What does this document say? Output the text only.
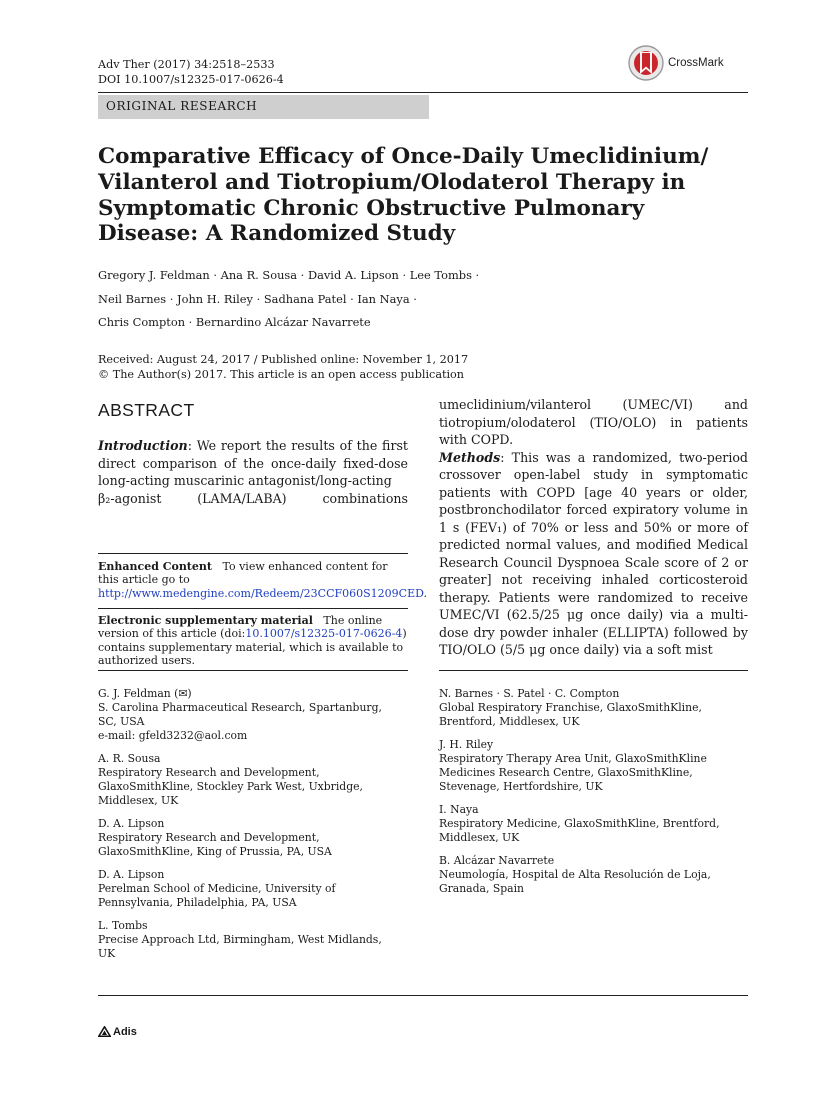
Adv Ther (2017) 34:2518–2533
DOI 10.1007/s12325-017-0626-4
CrossMark
ORIGINAL RESEARCH
Comparative Efficacy of Once-Daily Umeclidinium/ Vilanterol and Tiotropium/Olodaterol Therapy in Symptomatic Chronic Obstructive Pulmonary Disease: A Randomized Study
Gregory J. Feldman · Ana R. Sousa · David A. Lipson · Lee Tombs ·
Neil Barnes · John H. Riley · Sadhana Patel · Ian Naya ·
Chris Compton · Bernardino Alcázar Navarrete
Received: August 24, 2017 / Published online: November 1, 2017
© The Author(s) 2017. This article is an open access publication
ABSTRACT
Introduction: We report the results of the first direct comparison of the once-daily fixed-dose long-acting muscarinic antagonist/long-acting
β₂-agonist (LAMA/LABA) combinations
umeclidinium/vilanterol (UMEC/VI) and tiotropium/olodaterol (TIO/OLO) in patients with COPD.
Methods: This was a randomized, two-period crossover open-label study in symptomatic patients with COPD [age 40 years or older, postbronchodilator forced expiratory volume in 1 s (FEV₁) of 70% or less and 50% or more of predicted normal values, and modified Medical Research Council Dyspnoea Scale score of 2 or greater] not receiving inhaled corticosteroid therapy. Patients were randomized to receive UMEC/VI (62.5/25 μg once daily) via a multi-dose dry powder inhaler (ELLIPTA) followed by TIO/OLO (5/5 μg once daily) via a soft mist
Enhanced Content To view enhanced content for this article go to http://www.medengine.com/Redeem/23CCF060S1209CED.
Electronic supplementary material The online version of this article (doi:10.1007/s12325-017-0626-4) contains supplementary material, which is available to authorized users.
G. J. Feldman (✉)
S. Carolina Pharmaceutical Research, Spartanburg,
SC, USA
e-mail: gfeld3232@aol.com
A. R. Sousa
Respiratory Research and Development,
GlaxoSmithKline, Stockley Park West, Uxbridge,
Middlesex, UK
D. A. Lipson
Respiratory Research and Development,
GlaxoSmithKline, King of Prussia, PA, USA
D. A. Lipson
Perelman School of Medicine, University of
Pennsylvania, Philadelphia, PA, USA
L. Tombs
Precise Approach Ltd, Birmingham, West Midlands,
UK
N. Barnes · S. Patel · C. Compton
Global Respiratory Franchise, GlaxoSmithKline,
Brentford, Middlesex, UK
J. H. Riley
Respiratory Therapy Area Unit, GlaxoSmithKline
Medicines Research Centre, GlaxoSmithKline,
Stevenage, Hertfordshire, UK
I. Naya
Respiratory Medicine, GlaxoSmithKline, Brentford,
Middlesex, UK
B. Alcázar Navarrete
Neumología, Hospital de Alta Resolución de Loja,
Granada, Spain
Adis
